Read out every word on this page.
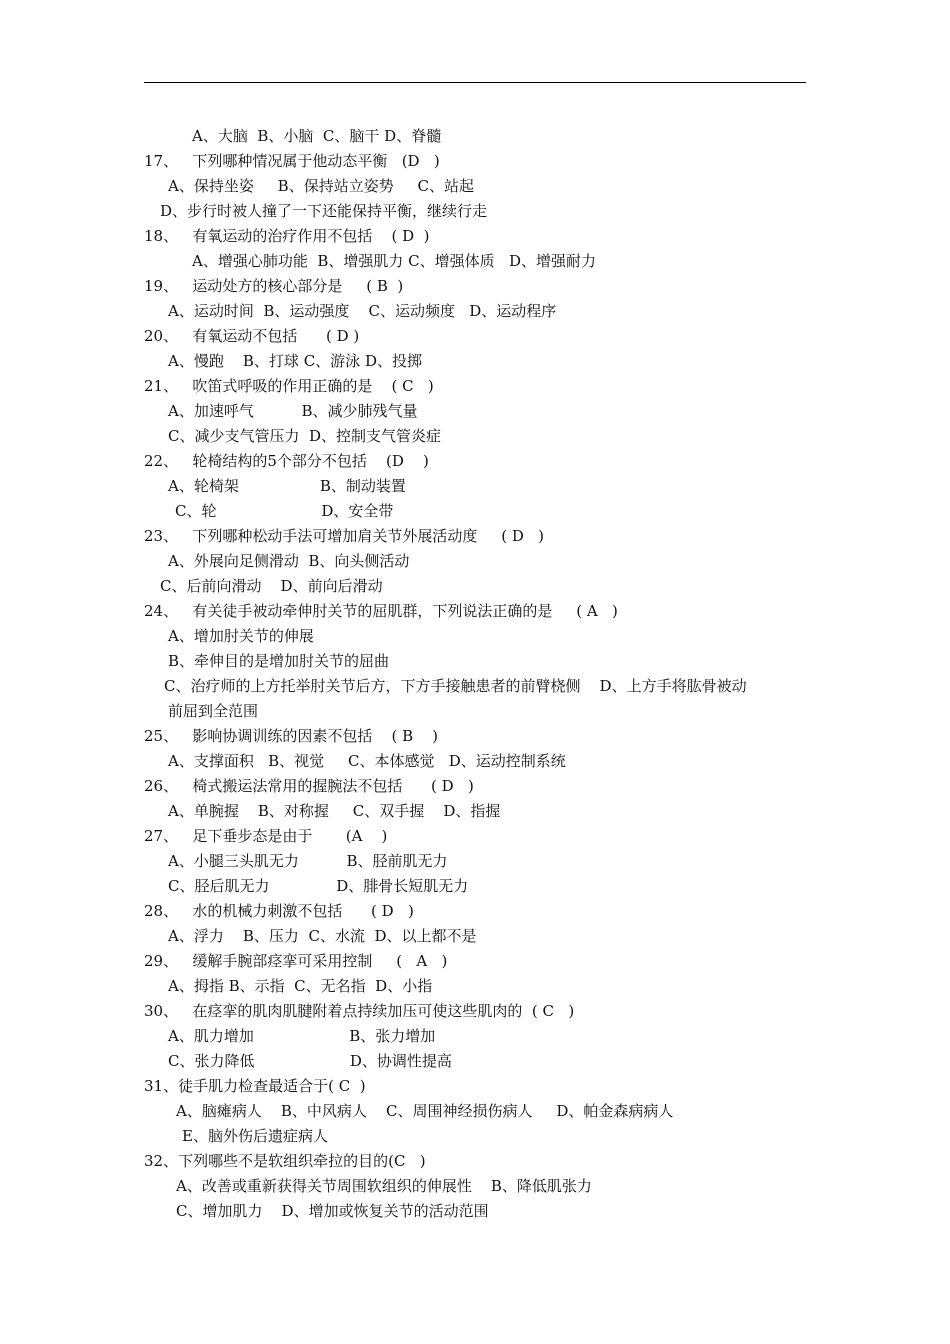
A、大脑  B、小脑  C、脑干 D、脊髓
17、   下列哪种情况属于他动态平衡   (D   )
A、保持坐姿     B、保持站立姿势     C、站起
D、步行时被人撞了一下还能保持平衡，继续行走
18、   有氧运动的治疗作用不包括    ( D  )
A、增强心肺功能  B、增强肌力 C、增强体质   D、增强耐力
19、   运动处方的核心部分是     ( B  )
A、运动时间  B、运动强度    C、运动频度   D、运动程序
20、   有氧运动不包括      ( D )
A、慢跑    B、打球 C、游泳 D、投掷
21、   吹笛式呼吸的作用正确的是    ( C   )
A、加速呼气          B、减少肺残气量
C、减少支气管压力  D、控制支气管炎症
22、   轮椅结构的5个部分不包括    (D    )
A、轮椅架                 B、制动装置
C、轮                      D、安全带
23、   下列哪种松动手法可增加肩关节外展活动度     ( D   )
A、外展向足侧滑动  B、向头侧活动
C、后前向滑动    D、前向后滑动
24、   有关徒手被动牵伸肘关节的屈肌群，下列说法正确的是     ( A   )
A、增加肘关节的伸展
B、牵伸目的是增加肘关节的屈曲
C、治疗师的上方托举肘关节后方，下方手接触患者的前臂桡侧    D、上方手将肱骨被动
前屈到全范围
25、   影响协调训练的因素不包括    ( B    )
A、支撑面积   B、视觉     C、本体感觉   D、运动控制系统
26、   椅式搬运法常用的握腕法不包括      ( D   )
A、单腕握    B、对称握     C、双手握    D、指握
27、   足下垂步态是由于       (A    )
A、小腿三头肌无力          B、胫前肌无力
C、胫后肌无力              D、腓骨长短肌无力
28、   水的机械力刺激不包括      ( D   )
A、浮力    B、压力  C、水流  D、以上都不是
29、   缓解手腕部痉挛可采用控制     (   A   )
A、拇指 B、示指  C、无名指  D、小指
30、   在痉挛的肌肉肌腱附着点持续加压可使这些肌肉的  ( C   )
A、肌力增加                    B、张力增加
C、张力降低                    D、协调性提高
31、徒手肌力检查最适合于( C  )
A、脑瘫病人    B、中风病人    C、周围神经损伤病人     D、帕金森病病人
E、脑外伤后遗症病人
32、下列哪些不是软组织牵拉的目的(C   )
A、改善或重新获得关节周围软组织的伸展性    B、降低肌张力
C、增加肌力    D、增加或恢复关节的活动范围
